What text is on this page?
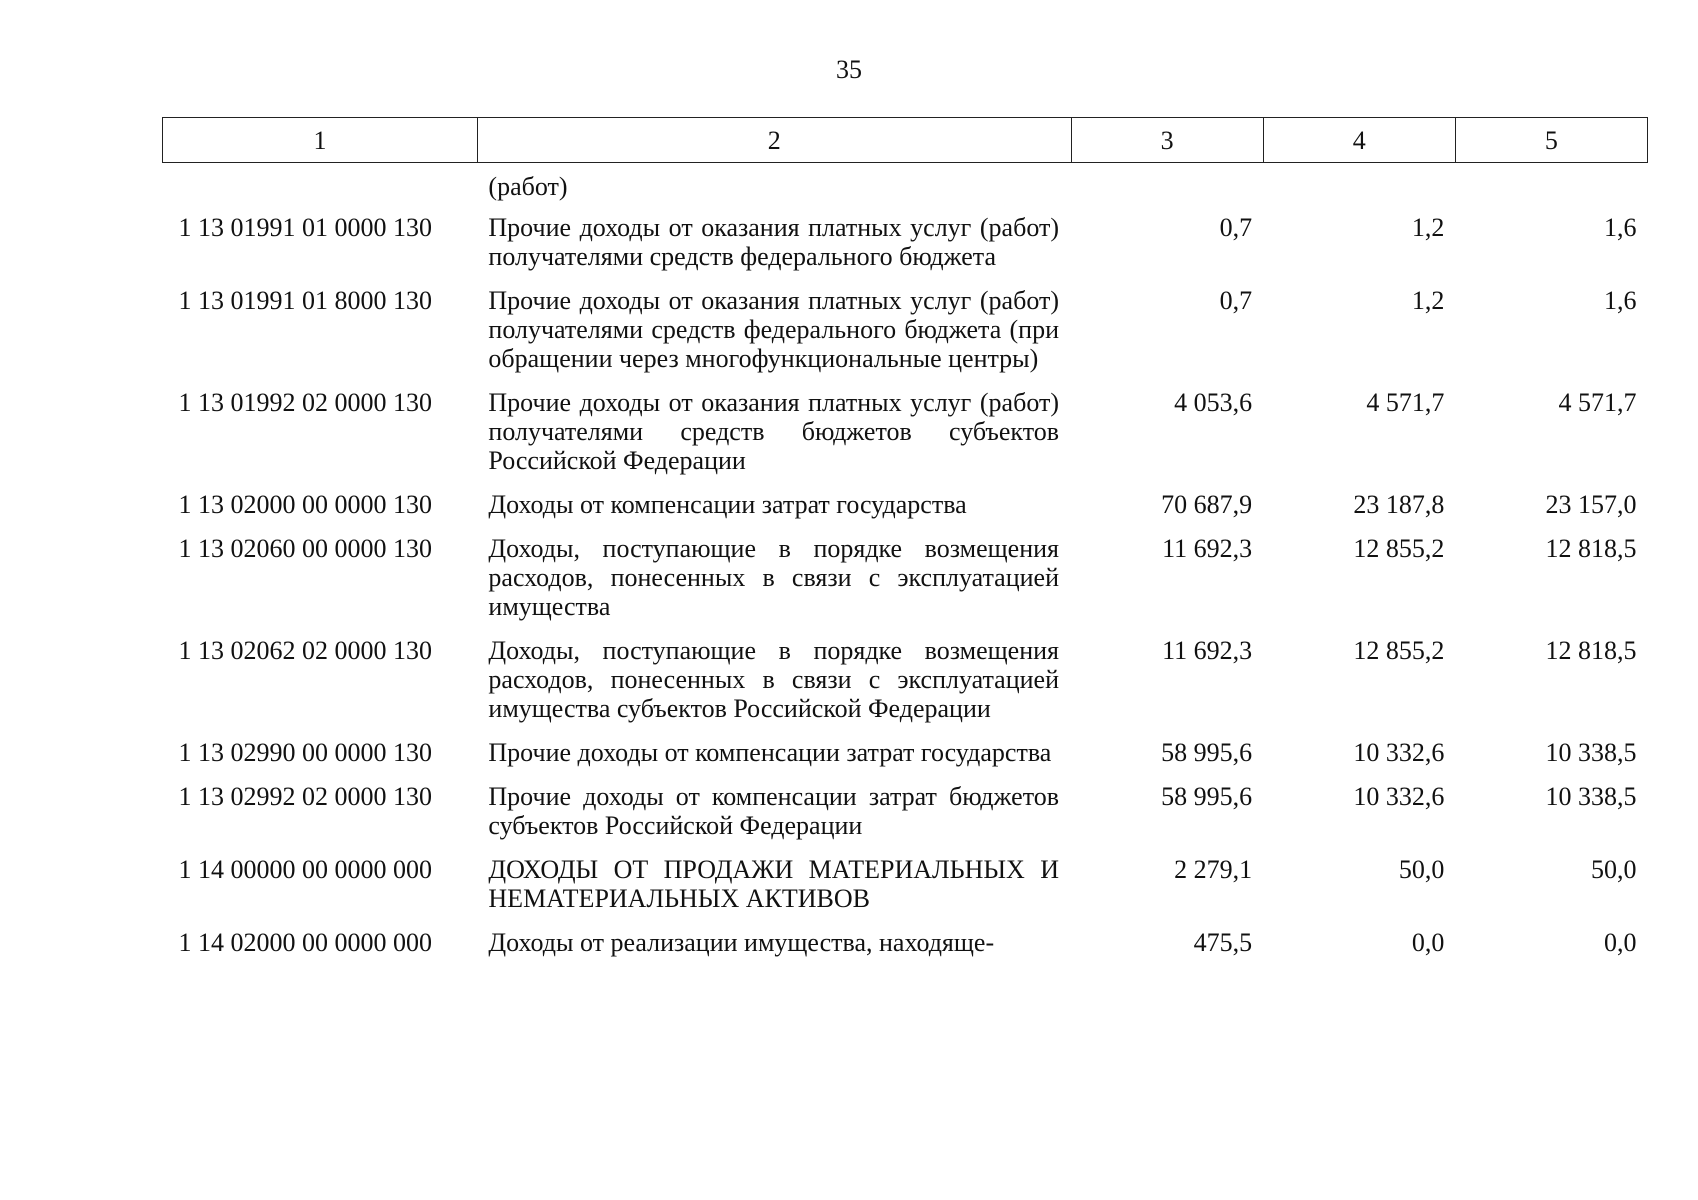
35
1	2	3	4	5
	(работ)			
1 13 01991 01 0000 130	Прочие доходы от оказания платных услуг (работ) получателями средств федерального бюджета	0,7	1,2	1,6
1 13 01991 01 8000 130	Прочие доходы от оказания платных услуг (работ) получателями средств федерального бюджета (при обращении через многофункциональные центры)	0,7	1,2	1,6
1 13 01992 02 0000 130	Прочие доходы от оказания платных услуг (работ) получателями средств бюджетов субъектов Российской Федерации	4 053,6	4 571,7	4 571,7
1 13 02000 00 0000 130	Доходы от компенсации затрат государства	70 687,9	23 187,8	23 157,0
1 13 02060 00 0000 130	Доходы, поступающие в порядке возмещения расходов, понесенных в связи с эксплуатацией имущества	11 692,3	12 855,2	12 818,5
1 13 02062 02 0000 130	Доходы, поступающие в порядке возмещения расходов, понесенных в связи с эксплуатацией имущества субъектов Российской Федерации	11 692,3	12 855,2	12 818,5
1 13 02990 00 0000 130	Прочие доходы от компенсации затрат государства	58 995,6	10 332,6	10 338,5
1 13 02992 02 0000 130	Прочие доходы от компенсации затрат бюджетов субъектов Российской Федерации	58 995,6	10 332,6	10 338,5
1 14 00000 00 0000 000	ДОХОДЫ ОТ ПРОДАЖИ МАТЕРИАЛЬНЫХ И НЕМАТЕРИАЛЬНЫХ АКТИВОВ	2 279,1	50,0	50,0
1 14 02000 00 0000 000	Доходы от реализации имущества, находяще-	475,5	0,0	0,0
